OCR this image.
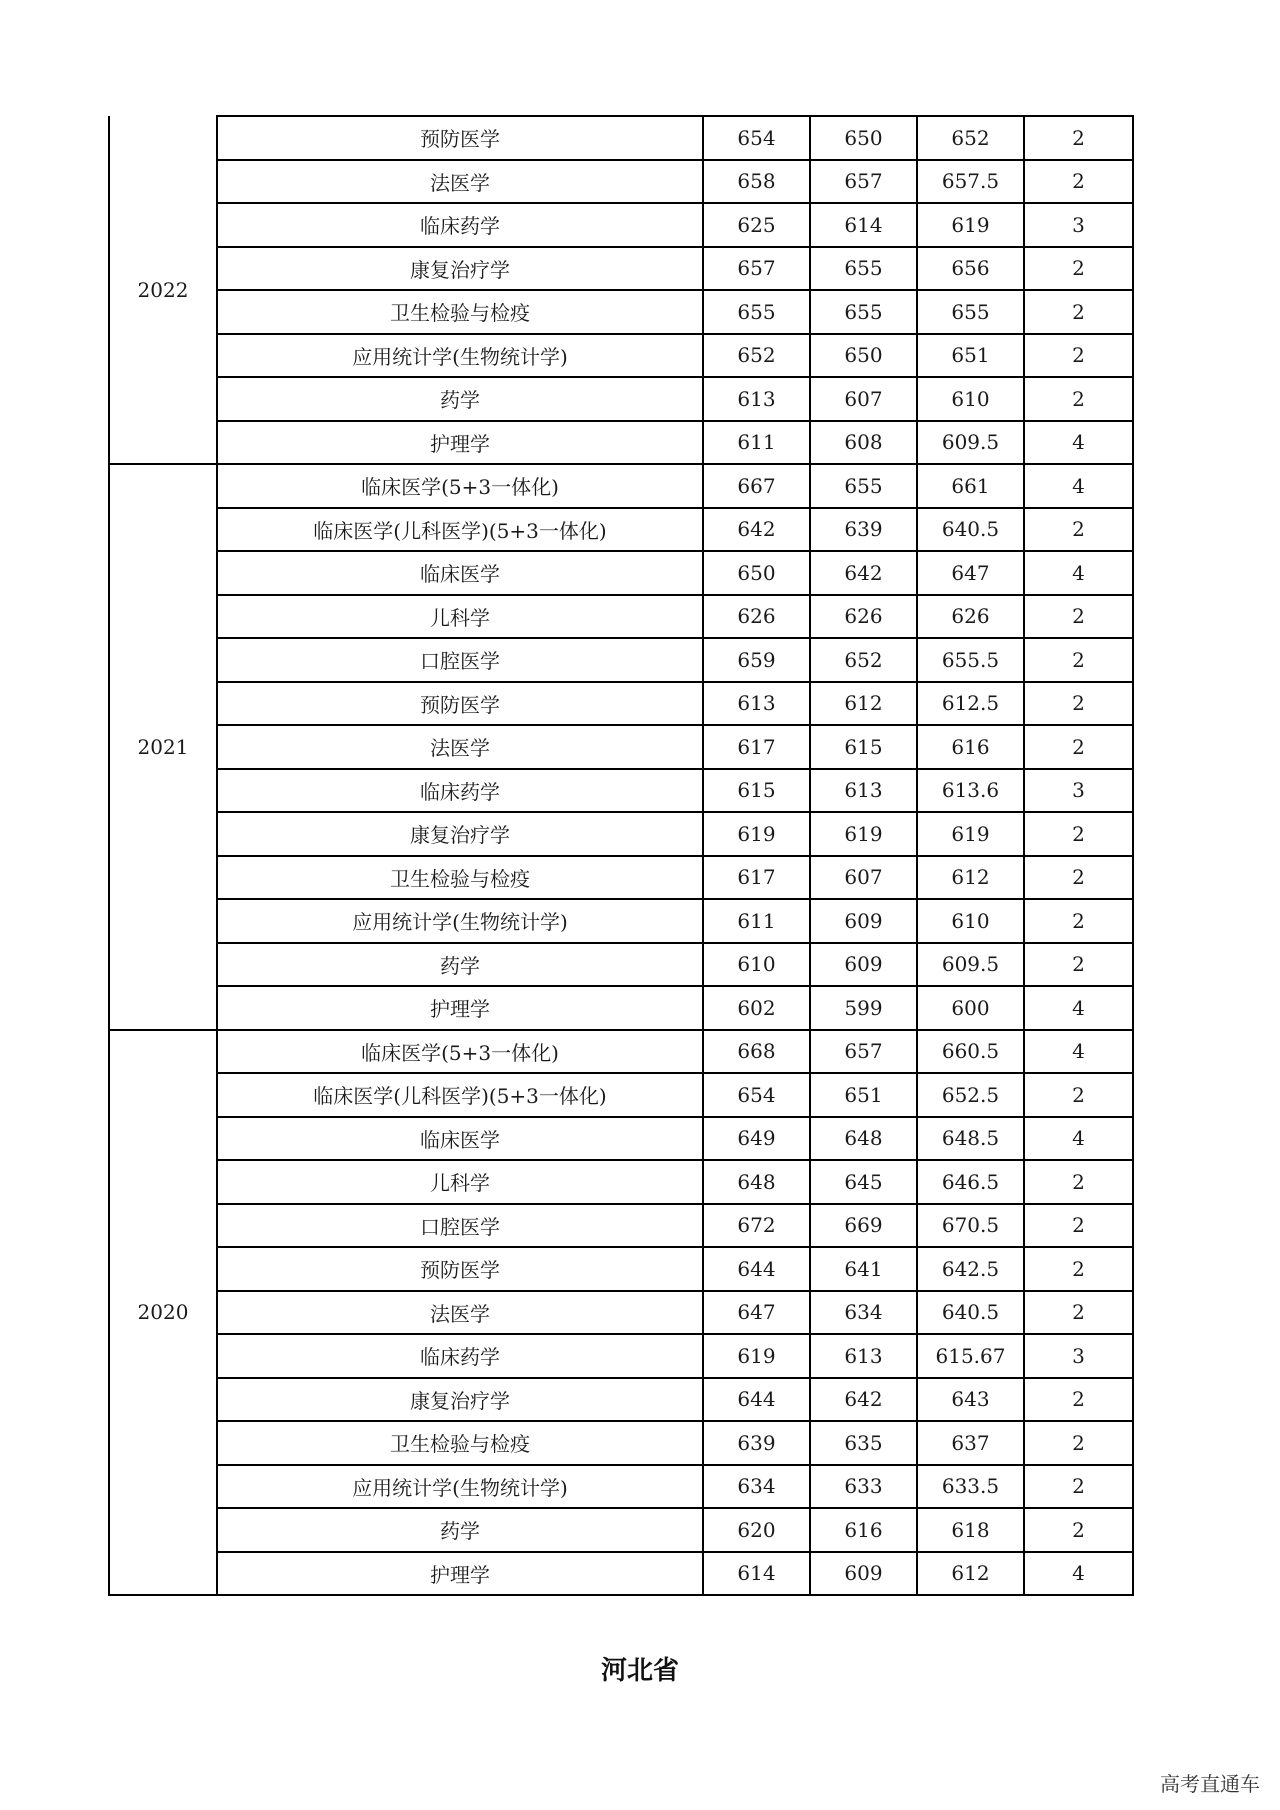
2022	预防医学	654	650	652	2
	法医学	658	657	657.5	2
	临床药学	625	614	619	3
	康复治疗学	657	655	656	2
	卫生检验与检疫	655	655	655	2
	应用统计学(生物统计学)	652	650	651	2
	药学	613	607	610	2
	护理学	611	608	609.5	4
2021	临床医学(5+3一体化)	667	655	661	4
	临床医学(儿科医学)(5+3一体化)	642	639	640.5	2
	临床医学	650	642	647	4
	儿科学	626	626	626	2
	口腔医学	659	652	655.5	2
	预防医学	613	612	612.5	2
	法医学	617	615	616	2
	临床药学	615	613	613.6	3
	康复治疗学	619	619	619	2
	卫生检验与检疫	617	607	612	2
	应用统计学(生物统计学)	611	609	610	2
	药学	610	609	609.5	2
	护理学	602	599	600	4
2020	临床医学(5+3一体化)	668	657	660.5	4
	临床医学(儿科医学)(5+3一体化)	654	651	652.5	2
	临床医学	649	648	648.5	4
	儿科学	648	645	646.5	2
	口腔医学	672	669	670.5	2
	预防医学	644	641	642.5	2
	法医学	647	634	640.5	2
	临床药学	619	613	615.67	3
	康复治疗学	644	642	643	2
	卫生检验与检疫	639	635	637	2
	应用统计学(生物统计学)	634	633	633.5	2
	药学	620	616	618	2
	护理学	614	609	612	4
河北省
高考直通车
